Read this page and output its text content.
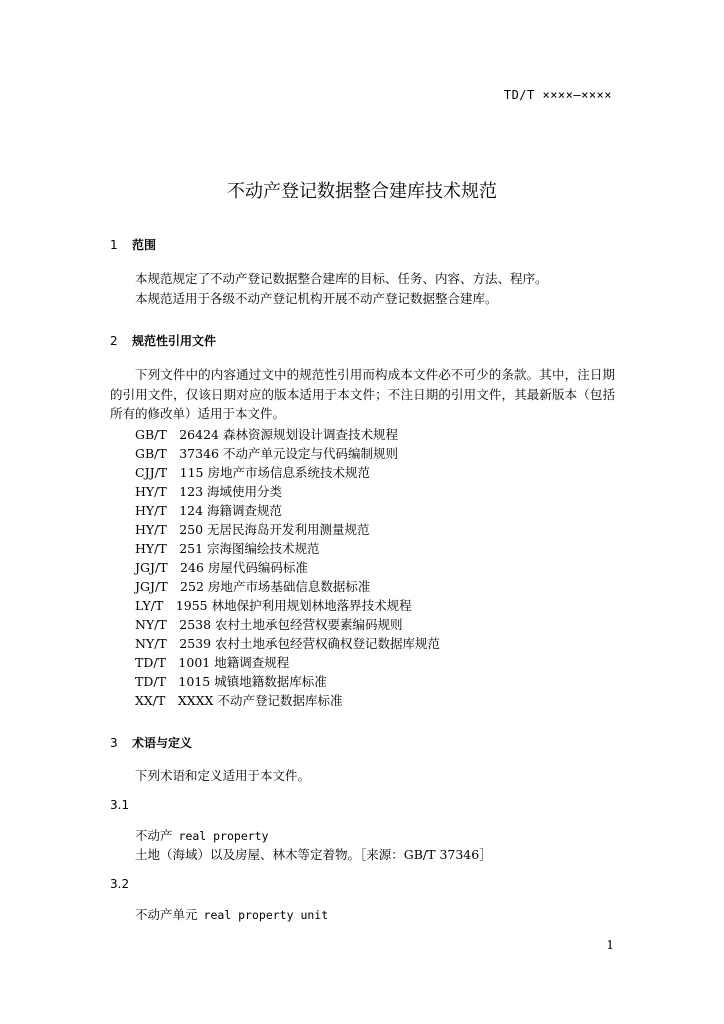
TD/T ××××—××××
不动产登记数据整合建库技术规范
1 范围
本规范规定了不动产登记数据整合建库的目标、任务、内容、方法、程序。
本规范适用于各级不动产登记机构开展不动产登记数据整合建库。
2 规范性引用文件
下列文件中的内容通过文中的规范性引用而构成本文件必不可少的条款。其中，注日期的引用文件，仅该日期对应的版本适用于本文件；不注日期的引用文件，其最新版本（包括所有的修改单）适用于本文件。
GB/T　26424 森林资源规划设计调查技术规程
GB/T　37346 不动产单元设定与代码编制规则
CJJ/T　115 房地产市场信息系统技术规范
HY/T　123 海域使用分类
HY/T　124 海籍调查规范
HY/T　250 无居民海岛开发利用测量规范
HY/T　251 宗海图编绘技术规范
JGJ/T　246 房屋代码编码标准
JGJ/T　252 房地产市场基础信息数据标准
LY/T　1955 林地保护利用规划林地落界技术规程
NY/T　2538 农村土地承包经营权要素编码规则
NY/T　2539 农村土地承包经营权确权登记数据库规范
TD/T　1001 地籍调查规程
TD/T　1015 城镇地籍数据库标准
XX/T　XXXX 不动产登记数据库标准
3 术语与定义
下列术语和定义适用于本文件。
3.1
不动产 real property
土地（海域）以及房屋、林木等定着物。［来源：GB/T 37346］
3.2
不动产单元 real property unit
1
